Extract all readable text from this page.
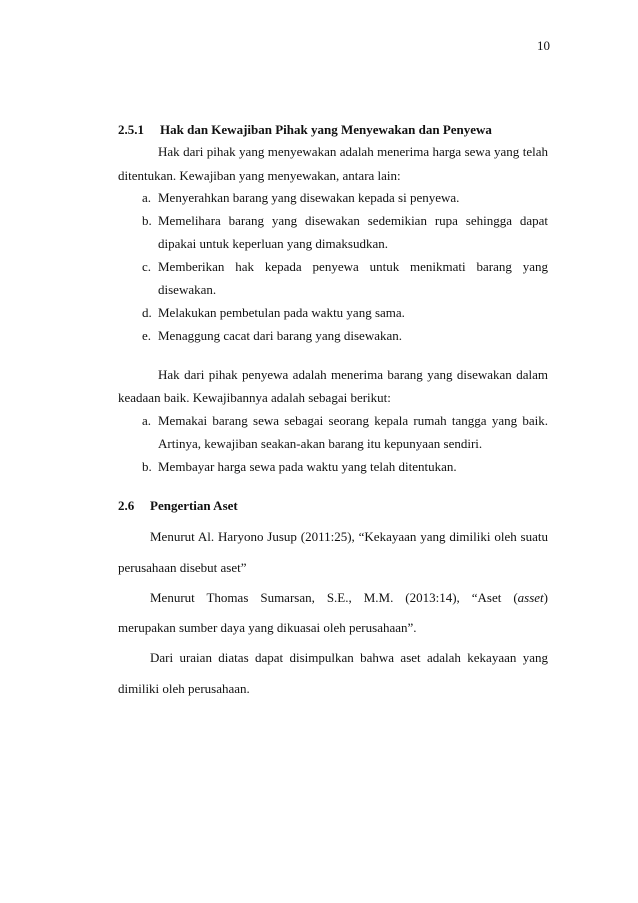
10
2.5.1 Hak dan Kewajiban Pihak yang Menyewakan dan Penyewa
Hak dari pihak yang menyewakan adalah menerima harga sewa yang telah
ditentukan. Kewajiban yang menyewakan, antara lain:
a. Menyerahkan barang yang disewakan kepada si penyewa.
b. Memelihara barang yang disewakan sedemikian rupa sehingga dapat
dipakai untuk keperluan yang dimaksudkan.
c. Memberikan hak kepada penyewa untuk menikmati barang yang
disewakan.
d. Melakukan pembetulan pada waktu yang sama.
e. Menaggung cacat dari barang yang disewakan.
Hak dari pihak penyewa adalah menerima barang yang disewakan dalam
keadaan baik. Kewajibannya adalah sebagai berikut:
a. Memakai barang sewa sebagai seorang kepala rumah tangga yang baik.
Artinya, kewajiban seakan-akan barang itu kepunyaan sendiri.
b. Membayar harga sewa pada waktu yang telah ditentukan.
2.6 Pengertian Aset
Menurut Al. Haryono Jusup (2011:25), “Kekayaan yang dimiliki oleh suatu
perusahaan disebut aset”
Menurut Thomas Sumarsan, S.E., M.M. (2013:14), “Aset (asset)
merupakan sumber daya yang dikuasai oleh perusahaan”.
Dari uraian diatas dapat disimpulkan bahwa aset adalah kekayaan yang
dimiliki oleh perusahaan.
